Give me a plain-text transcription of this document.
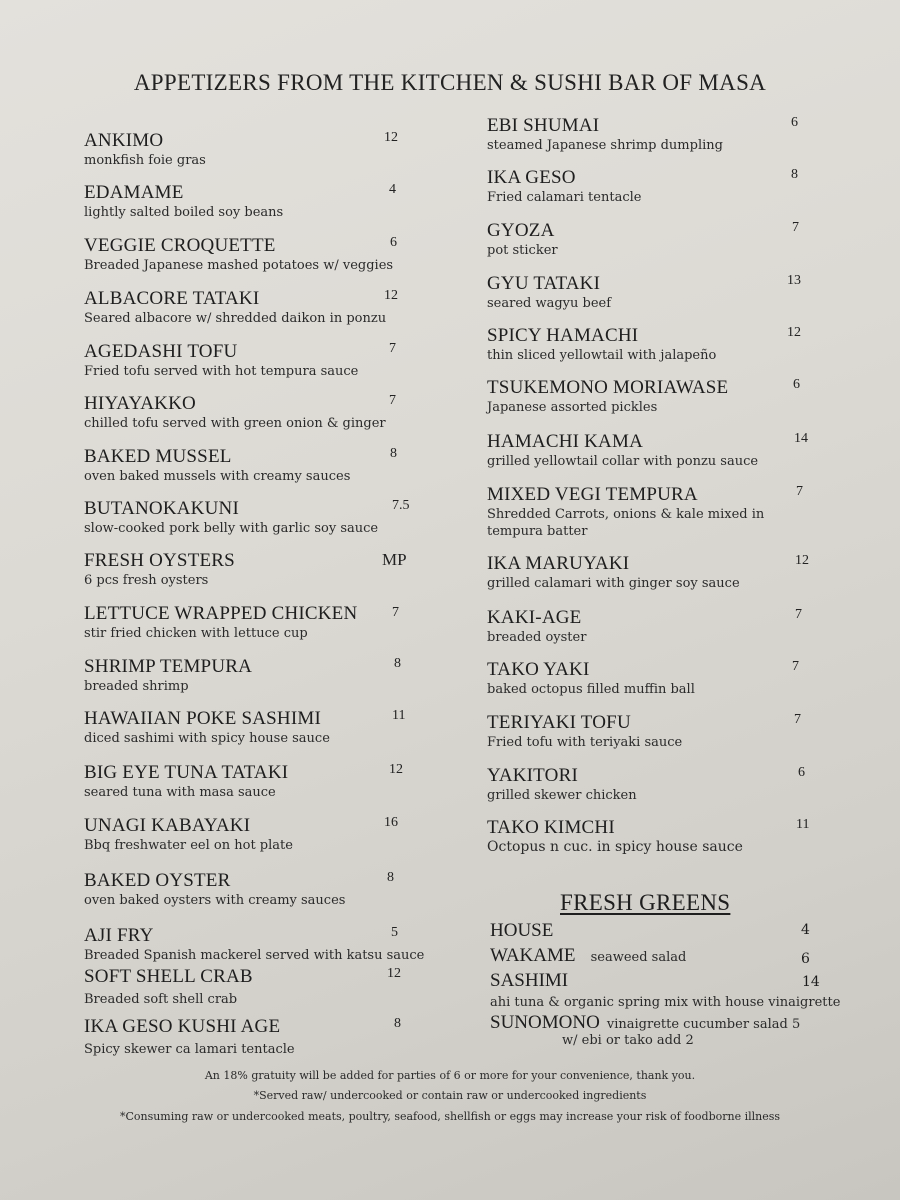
APPETIZERS FROM THE KITCHEN & SUSHI BAR OF MASA
ANKIMO	12
monkfish foie gras
EDAMAME	4
lightly salted boiled soy beans
VEGGIE CROQUETTE	6
Breaded Japanese mashed potatoes w/ veggies
ALBACORE TATAKI	12
Seared albacore w/ shredded daikon in ponzu
AGEDASHI TOFU	7
Fried tofu served with hot tempura sauce
HIYAYAKKO	7
chilled tofu served with green onion & ginger
BAKED MUSSEL	8
oven baked mussels with creamy sauces
BUTANOKAKUNI	7.5
slow-cooked pork belly with garlic soy sauce
FRESH OYSTERS	MP
6 pcs fresh oysters
LETTUCE WRAPPED CHICKEN	7
stir fried chicken with lettuce cup
SHRIMP TEMPURA	8
breaded shrimp
HAWAIIAN POKE SASHIMI	11
diced sashimi with spicy house sauce
BIG EYE TUNA TATAKI	12
seared tuna with masa sauce
UNAGI KABAYAKI	16
Bbq freshwater eel on hot plate
BAKED OYSTER	8
oven baked oysters with creamy sauces
AJI FRY	5
Breaded Spanish mackerel served with katsu sauce
SOFT SHELL CRAB	12
Breaded soft shell crab
IKA GESO KUSHI AGE	8
Spicy skewer ca lamari tentacle
EBI SHUMAI	6
steamed Japanese shrimp dumpling
IKA GESO	8
Fried calamari tentacle
GYOZA	7
pot sticker
GYU TATAKI	13
seared wagyu beef
SPICY HAMACHI	12
thin sliced yellowtail with jalapeño
TSUKEMONO MORIAWASE	6
Japanese assorted pickles
HAMACHI KAMA	14
grilled yellowtail collar with ponzu sauce
MIXED VEGI TEMPURA	7
Shredded Carrots, onions & kale mixed in tempura batter
IKA MARUYAKI	12
grilled calamari with ginger soy sauce
KAKI-AGE	7
breaded oyster
TAKO YAKI	7
baked octopus filled muffin ball
TERIYAKI TOFU	7
Fried tofu with teriyaki sauce
YAKITORI	6
grilled skewer chicken
TAKO KIMCHI	11
Octopus n cuc. in spicy house sauce
FRESH GREENS
HOUSE	4
WAKAME seaweed salad	6
SASHIMI	14
ahi tuna & organic spring mix with house vinaigrette
SUNOMONO vinaigrette cucumber salad 5
w/ ebi or tako add 2
An 18% gratuity will be added for parties of 6 or more for your convenience, thank you.
*Served raw/ undercooked or contain raw or undercooked ingredients
*Consuming raw or undercooked meats, poultry, seafood, shellfish or eggs may increase your risk of foodborne illness
